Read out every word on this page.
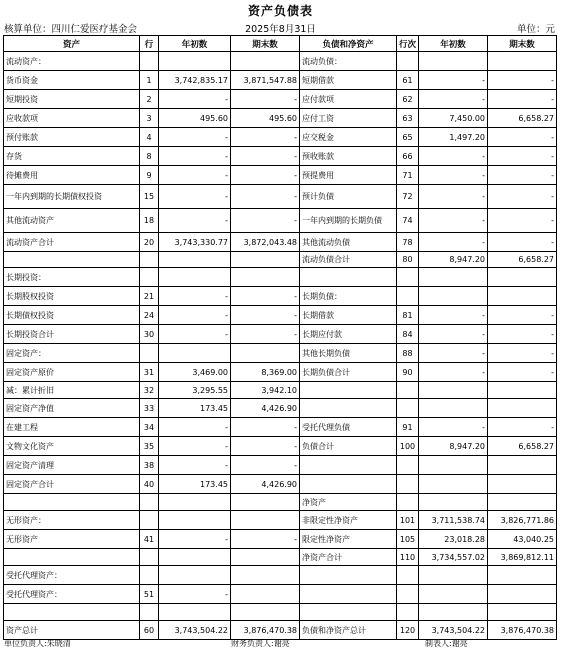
资产负债表
核算单位：四川仁爱医疗基金会	2025年8月31日	单位：元
资产	行	年初数	期末数	负债和净资产	行次	年初数	期末数
流动资产：				流动负债：			
货币资金	1	3,742,835.17	3,871,547.88	短期借款	61	-	-
短期投资	2	-	-	应付款项	62	-	-
应收款项	3	495.60	495.60	应付工资	63	7,450.00	6,658.27
预付账款	4	-	-	应交税金	65	1,497.20	-
存货	8	-	-	预收账款	66	-	-
待摊费用	9	-	-	预提费用	71	-	-
一年内到期的长期债权投资	15	-	-	预计负债	72	-	-
其他流动资产	18	-	-	一年内到期的长期负债	74	-	-
流动资产合计	20	3,743,330.77	3,872,043.48	其他流动负债	78	-	-
				流动负债合计	80	8,947.20	6,658.27
长期投资：							
长期股权投资	21	-	-	长期负债：			
长期债权投资	24	-	-	长期借款	81	-	-
长期投资合计	30	-	-	长期应付款	84	-	-
固定资产：				其他长期负债	88	-	-
固定资产原价	31	3,469.00	8,369.00	长期负债合计	90	-	-
减：累计折旧	32	3,295.55	3,942.10				
固定资产净值	33	173.45	4,426.90				
在建工程	34	-	-	受托代理负债	91	-	-
文物文化资产	35	-	-	负债合计	100	8,947.20	6,658.27
固定资产清理	38	-	-				
固定资产合计	40	173.45	4,426.90				
				净资产			
无形资产：				非限定性净资产	101	3,711,538.74	3,826,771.86
无形资产	41	-	-	限定性净资产	105	23,018.28	43,040.25
				净资产合计	110	3,734,557.02	3,869,812.11
受托代理资产：							
受托代理资产：	51	-					

资产总计	60	3,743,504.22	3,876,470.38	负债和净资产总计	120	3,743,504.22	3,876,470.38
单位负责人:朱晓清	财务负责人:谢亮	制表人:谢亮
